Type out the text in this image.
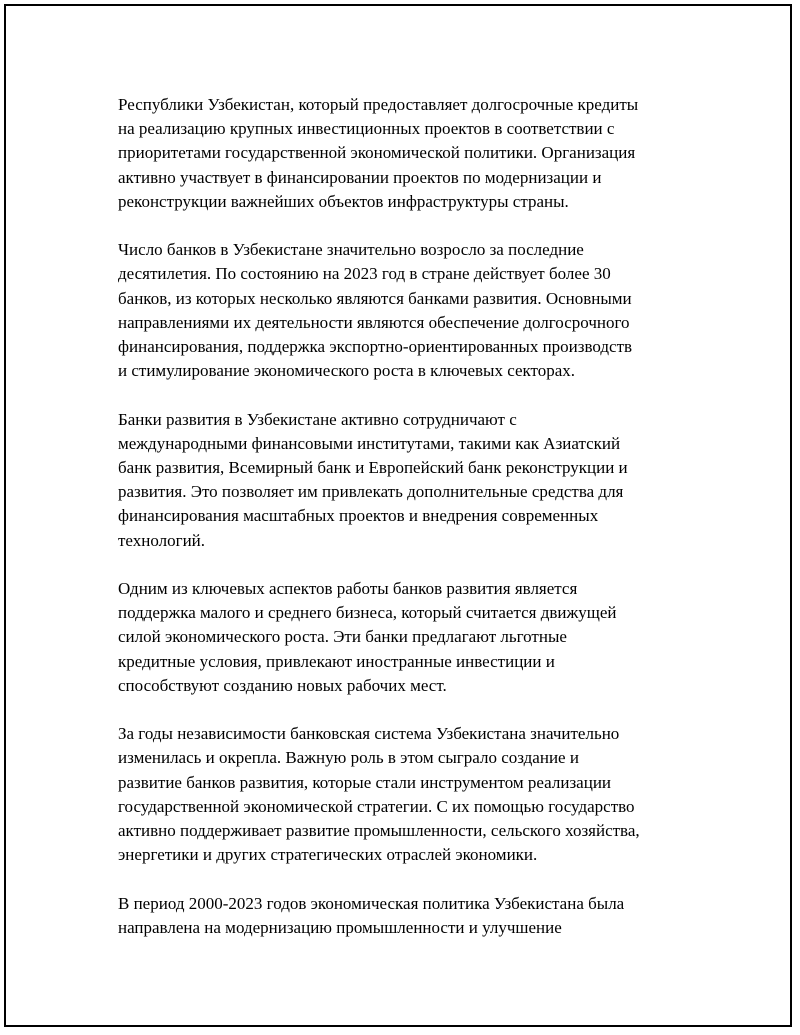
Республики Узбекистан, который предоставляет долгосрочные кредиты
на реализацию крупных инвестиционных проектов в соответствии с
приоритетами государственной экономической политики. Организация
активно участвует в финансировании проектов по модернизации и
реконструкции важнейших объектов инфраструктуры страны.

Число банков в Узбекистане значительно возросло за последние
десятилетия. По состоянию на 2023 год в стране действует более 30
банков, из которых несколько являются банками развития. Основными
направлениями их деятельности являются обеспечение долгосрочного
финансирования, поддержка экспортно-ориентированных производств
и стимулирование экономического роста в ключевых секторах.

Банки развития в Узбекистане активно сотрудничают с
международными финансовыми институтами, такими как Азиатский
банк развития, Всемирный банк и Европейский банк реконструкции и
развития. Это позволяет им привлекать дополнительные средства для
финансирования масштабных проектов и внедрения современных
технологий.

Одним из ключевых аспектов работы банков развития является
поддержка малого и среднего бизнеса, который считается движущей
силой экономического роста. Эти банки предлагают льготные
кредитные условия, привлекают иностранные инвестиции и
способствуют созданию новых рабочих мест.

За годы независимости банковская система Узбекистана значительно
изменилась и окрепла. Важную роль в этом сыграло создание и
развитие банков развития, которые стали инструментом реализации
государственной экономической стратегии. С их помощью государство
активно поддерживает развитие промышленности, сельского хозяйства,
энергетики и других стратегических отраслей экономики.

В период 2000-2023 годов экономическая политика Узбекистана была
направлена на модернизацию промышленности и улучшение
